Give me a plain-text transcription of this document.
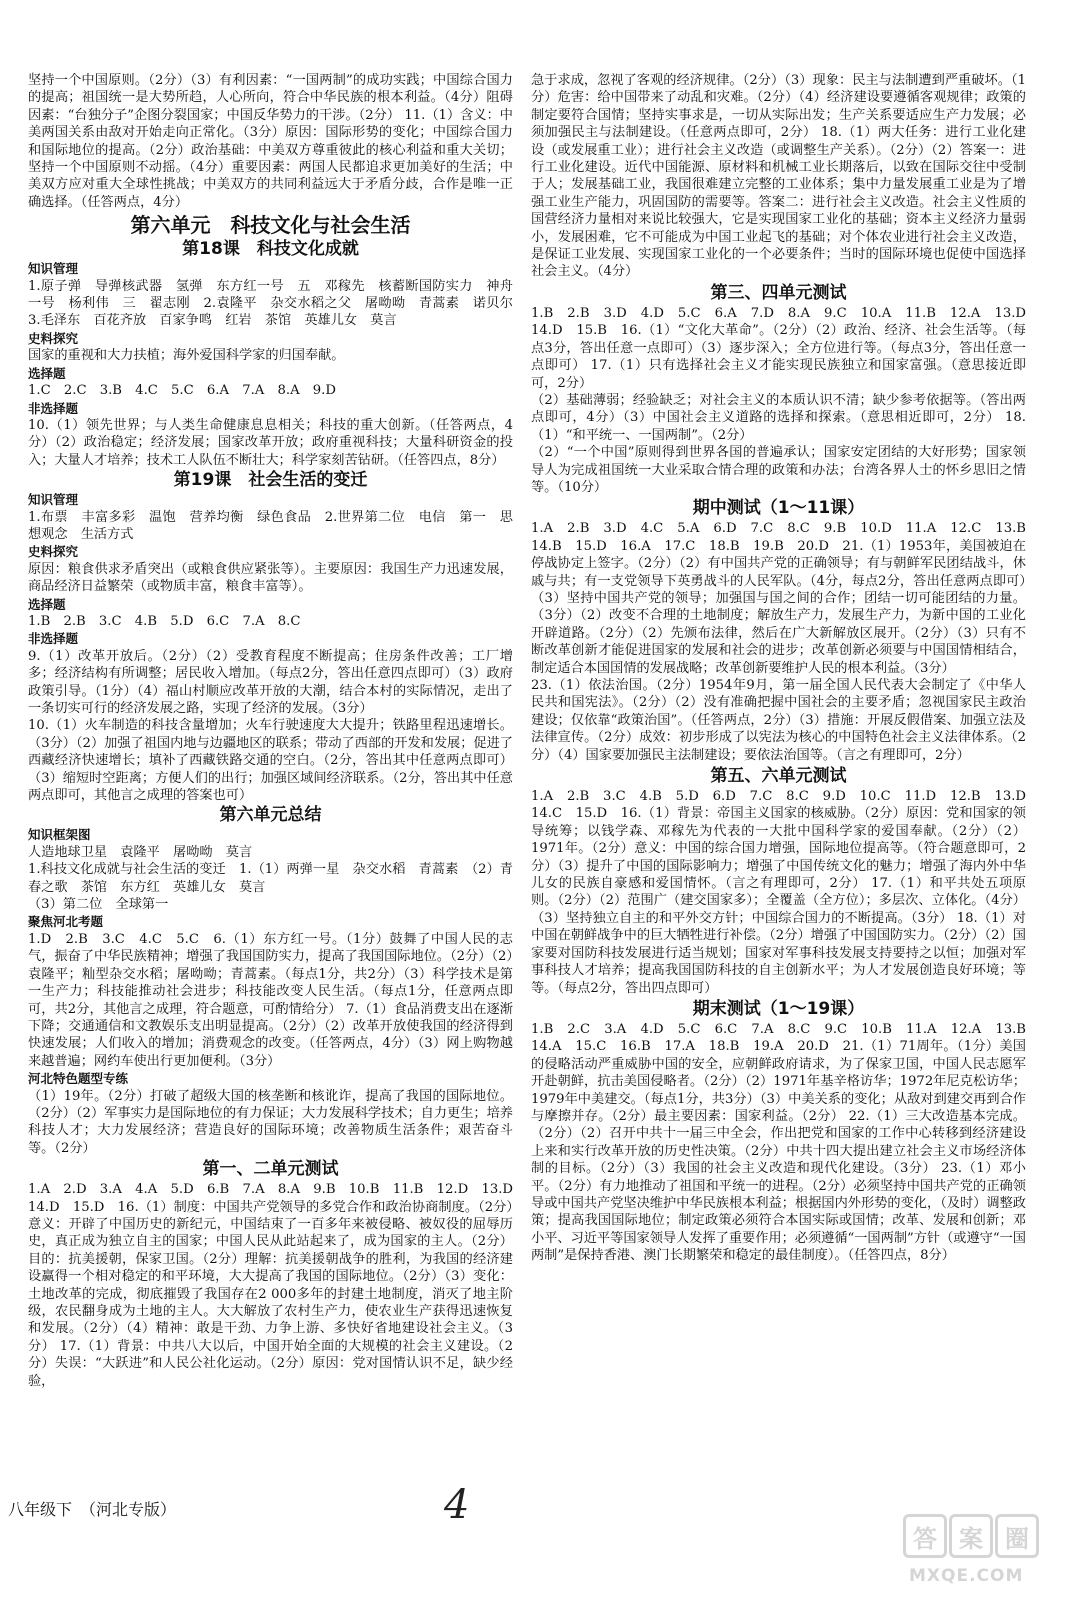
坚持一个中国原则。（2分）（3）有利因素：“一国两制”的成功实践；中国综合国力的提高；祖国统一是大势所趋，人心所向，符合中华民族的根本利益。（4分）阻碍因素：“台独分子”企图分裂国家；中国反华势力的干涉。（2分） 11.（1）含义：中美两国关系由敌对开始走向正常化。（3分）原因：国际形势的变化；中国综合国力和国际地位的提高。（2分）政治基础：中美双方尊重彼此的核心利益和重大关切；坚持一个中国原则不动摇。（4分）重要因素：两国人民都追求更加美好的生活；中美双方应对重大全球性挑战；中美双方的共同利益远大于矛盾分歧，合作是唯一正确选择。（任答两点，4分）

第六单元　科技文化与社会生活
第18课　科技文化成就
知识管理

1.原子弹　导弹核武器　氢弹　东方红一号　五　邓稼先　核蓄断国防实力　神舟一号　杨利伟　三　翟志刚　2.袁隆平　杂交水稻之父　屠呦呦　青蒿素　诺贝尔　3.毛泽东　百花齐放　百家争鸣　红岩　茶馆　英雄儿女　莫言

史料探究

国家的重视和大力扶植；海外爱国科学家的归国奉献。

选择题

1.C　2.C　3.B　4.C　5.C　6.A　7.A　8.A　9.D

非选择题

10.（1）领先世界；与人类生命健康息息相关；科技的重大创新。（任答两点，4分）（2）政治稳定；经济发展；国家改革开放；政府重视科技；大量科研资金的投入；大量人才培养；技术工人队伍不断壮大；科学家刻苦钻研。（任答四点，8分）

第19课　社会生活的变迁
知识管理

1.布票　丰富多彩　温饱　营养均衡　绿色食品　2.世界第二位　电信　第一　思想观念　生活方式

史料探究

原因：粮食供求矛盾突出（或粮食供应紧张等）。主要原因：我国生产力迅速发展，商品经济日益繁荣（或物质丰富，粮食丰富等）。

选择题

1.B　2.B　3.C　4.B　5.D　6.C　7.A　8.C

非选择题

9.（1）改革开放后。（2分）（2）受教育程度不断提高；住房条件改善；工厂增多；经济结构有所调整；居民收入增加。（每点2分，答出任意四点即可）（3）政府政策引导。（1分）（4）福山村顺应改革开放的大潮，结合本村的实际情况，走出了一条切实可行的经济发展之路，实现了经济的发展。（3分）

10.（1）火车制造的科技含量增加；火车行驶速度大大提升；铁路里程迅速增长。（3分）（2）加强了祖国内地与边疆地区的联系；带动了西部的开发和发展；促进了西藏经济快速增长；填补了西藏铁路交通的空白。（2分，答出其中任意两点即可）（3）缩短时空距离；方便人们的出行；加强区域间经济联系。（2分，答出其中任意两点即可，其他言之成理的答案也可）

第六单元总结
知识框架图

人造地球卫星　袁隆平　屠呦呦　莫言

1.科技文化成就与社会生活的变迁　1.（1）两弹一星　杂交水稻　青蒿素　（2）青春之歌　茶馆　东方红　英雄儿女　莫言

（3）第二位　全球第一

聚焦河北考题

1.D　2.B　3.C　4.C　5.C　6.（1）东方红一号。（1分）鼓舞了中国人民的志气，振奋了中华民族精神；增强了我国国防实力，提高了我国国际地位。（2分）（2）袁隆平；籼型杂交水稻；屠呦呦；青蒿素。（每点1分，共2分）（3）科学技术是第一生产力；科技能推动社会进步；科技能改变人民生活。（每点1分，任意两点即可，共2分，其他言之成理，符合题意，可酌情给分） 7.（1）食品消费支出在逐渐下降；交通通信和文教娱乐支出明显提高。（2分）（2）改革开放使我国的经济得到快速发展；人们收入的增加；消费观念的改变。（任答两点，4分）（3）网上购物越来越普遍；网约车使出行更加便利。（3分）

河北特色题型专练

（1）19年。（2分）打破了超级大国的核垄断和核讹诈，提高了我国的国际地位。（2分）（2）军事实力是国际地位的有力保证；大力发展科学技术；自力更生；培养科技人才；大力发展经济；营造良好的国际环境；改善物质生活条件；艰苦奋斗等。（2分）

第一、二单元测试

1.A　2.D　3.A　4.A　5.D　6.B　7.A　8.A　9.B　10.B　11.B　12.D　13.D　14.D　15.D　16.（1）制度：中国共产党领导的多党合作和政治协商制度。（2分）意义：开辟了中国历史的新纪元，中国结束了一百多年来被侵略、被奴役的屈辱历史，真正成为独立自主的国家；中国人民从此站起来了，成为国家的主人。（2分）目的：抗美援朝，保家卫国。（2分）理解：抗美援朝战争的胜利，为我国的经济建设赢得一个相对稳定的和平环境，大大提高了我国的国际地位。（2分）（3）变化：土地改革的完成，彻底摧毁了我国存在2 000多年的封建土地制度，消灭了地主阶级，农民翻身成为土地的主人。大大解放了农村生产力，使农业生产获得迅速恢复和发展。（2分）（4）精神：敢是干劲、力争上游、多快好省地建设社会主义。（3分） 17.（1）背景：中共八大以后，中国开始全面的大规模的社会主义建设。（2分）失误：“大跃进”和人民公社化运动。（2分）原因：党对国情认识不足，缺少经验，

急于求成，忽视了客观的经济规律。（2分）（3）现象：民主与法制遭到严重破坏。（1分）危害：给中国带来了动乱和灾难。（2分）（4）经济建设要遵循客观规律；政策的制定要符合国情；坚持实事求是，一切从实际出发；生产关系要适应生产力发展；必须加强民主与法制建设。（任意两点即可，2分） 18.（1）两大任务：进行工业化建设（或发展重工业）；进行社会主义改造（或调整生产关系）。（2分）（2）答案一：进行工业化建设。近代中国能源、原材料和机械工业长期落后，以致在国际交往中受制于人；发展基础工业，我国很难建立完整的工业体系；集中力量发展重工业是为了增强工业生产能力，巩固国防的需要等。答案二：进行社会主义改造。社会主义性质的国营经济力量相对来说比较强大，它是实现国家工业化的基础；资本主义经济力量弱小，发展困难，它不可能成为中国工业起飞的基础；对个体农业进行社会主义改造，是保证工业发展、实现国家工业化的一个必要条件；当时的国际环境也促使中国选择社会主义。（4分）

第三、四单元测试

1.B　2.B　3.D　4.D　5.C　6.A　7.D　8.A　9.C　10.A　11.B　12.A　13.D　14.D　15.B　16.（1）“文化大革命”。（2分）（2）政治、经济、社会生活等。（每点3分，答出任意一点即可）（3）逐步深入；全方位进行等。（每点3分，答出任意一点即可） 17.（1）只有选择社会主义才能实现民族独立和国家富强。（意思接近即可，2分）

（2）基础薄弱；经验缺乏；对社会主义的本质认识不清；缺少参考依据等。（答出两点即可，4分）（3）中国社会主义道路的选择和探索。（意思相近即可，2分） 18.（1）“和平统一、一国两制”。（2分）

（2）“一个中国”原则得到世界各国的普遍承认；国家安定团结的大好形势；国家领导人为完成祖国统一大业采取合情合理的政策和办法；台湾各界人士的怀乡思旧之情等。（10分）

期中测试（1～11课）

1.A　2.B　3.D　4.C　5.A　6.D　7.C　8.C　9.B　10.D　11.A　12.C　13.B　14.B　15.D　16.A　17.C　18.B　19.B　20.D　21.（1）1953年，美国被迫在停战协定上签字。（2分）（2）有中国共产党的正确领导；有与朝鲜军民团结战斗，休戚与共；有一支党领导下英勇战斗的人民军队。（4分，每点2分，答出任意两点即可）（3）坚持中国共产党的领导；加强国与国之间的合作；团结一切可能团结的力量。（3分）（2）改变不合理的土地制度；解放生产力，发展生产力，为新中国的工业化开辟道路。（2分）（2）先颁布法律，然后在广大新解放区展开。（2分）（3）只有不断改革创新才能促进国家的发展和社会的进步；改革创新必须要与中国国情相结合，制定适合本国国情的发展战略；改革创新要维护人民的根本利益。（3分）

23.（1）依法治国。（2分）1954年9月，第一届全国人民代表大会制定了《中华人民共和国宪法》。（2分）（2）没有准确把握中国社会的主要矛盾；忽视国家民主政治建设；仅依靠“政策治国”。（任答两点，2分）（3）措施：开展反假借案、加强立法及法律宣传。（2分）成效：初步形成了以宪法为核心的中国特色社会主义法律体系。（2分）（4）国家要加强民主法制建设；要依法治国等。（言之有理即可，2分）

第五、六单元测试

1.A　2.B　3.C　4.B　5.D　6.D　7.C　8.C　9.D　10.C　11.D　12.B　13.D　14.C　15.D　16.（1）背景：帝国主义国家的核威胁。（2分）原因：党和国家的领导统筹；以钱学森、邓稼先为代表的一大批中国科学家的爱国奉献。（2分）（2）1971年。（2分）意义：中国的综合国力增强，国际地位提高等。（符合题意即可，2分）（3）提升了中国的国际影响力；增强了中国传统文化的魅力；增强了海内外中华儿女的民族自豪感和爱国情怀。（言之有理即可，2分） 17.（1）和平共处五项原则。（2分）（2）范围广（建交国家多）；全覆盖（全方位）；多层次、立体化。（4分）（3）坚持独立自主的和平外交方针；中国综合国力的不断提高。（3分） 18.（1）对中国在朝鲜战争中的巨大牺牲进行补偿。（2分）增强了中国国防实力。（2分）（2）国家要对国防科技发展进行适当规划；国家对军事科技发展支持要持之以恒；加强对军事科技人才培养；提高我国国防科技的自主创新水平；为人才发展创造良好环境；等等。（每点2分，答出四点即可）

期末测试（1～19课）

1.B　2.C　3.A　4.D　5.C　6.C　7.A　8.C　9.C　10.B　11.A　12.A　13.B　14.A　15.C　16.B　17.A　18.B　19.A　20.D　21.（1）71周年。（1分）美国的侵略活动严重威胁中国的安全，应朝鲜政府请求，为了保家卫国，中国人民志愿军开赴朝鲜，抗击美国侵略者。（2分）（2）1971年基辛格访华；1972年尼克松访华；1979年中美建交。（每点1分，共3分）（3）中美关系的变化；从敌对到建交再到合作与摩擦并存。（2分）最主要因素：国家利益。（2分） 22.（1）三大改造基本完成。（2分）（2）召开中共十一届三中全会，作出把党和国家的工作中心转移到经济建设上来和实行改革开放的历史性决策。（2分）中共十四大提出建立社会主义市场经济体制的目标。（2分）（3）我国的社会主义改造和现代化建设。（3分） 23.（1）邓小平。（2分）有力地推动了祖国和平统一的进程。（2分）必须坚持中国共产党的正确领导或中国共产党坚决维护中华民族根本利益；根据国内外形势的变化，（及时）调整政策；提高我国国际地位；制定政策必须符合本国实际或国情；改革、发展和创新；邓小平、习近平等国家领导人发挥了重要作用；必须遵循“一国两制”方针（或遵守“一国两制”是保持香港、澳门长期繁荣和稳定的最佳制度）。（任答四点，8分）

八年级下　（河北专版）	4
答 案 圈
MXQE.COM
